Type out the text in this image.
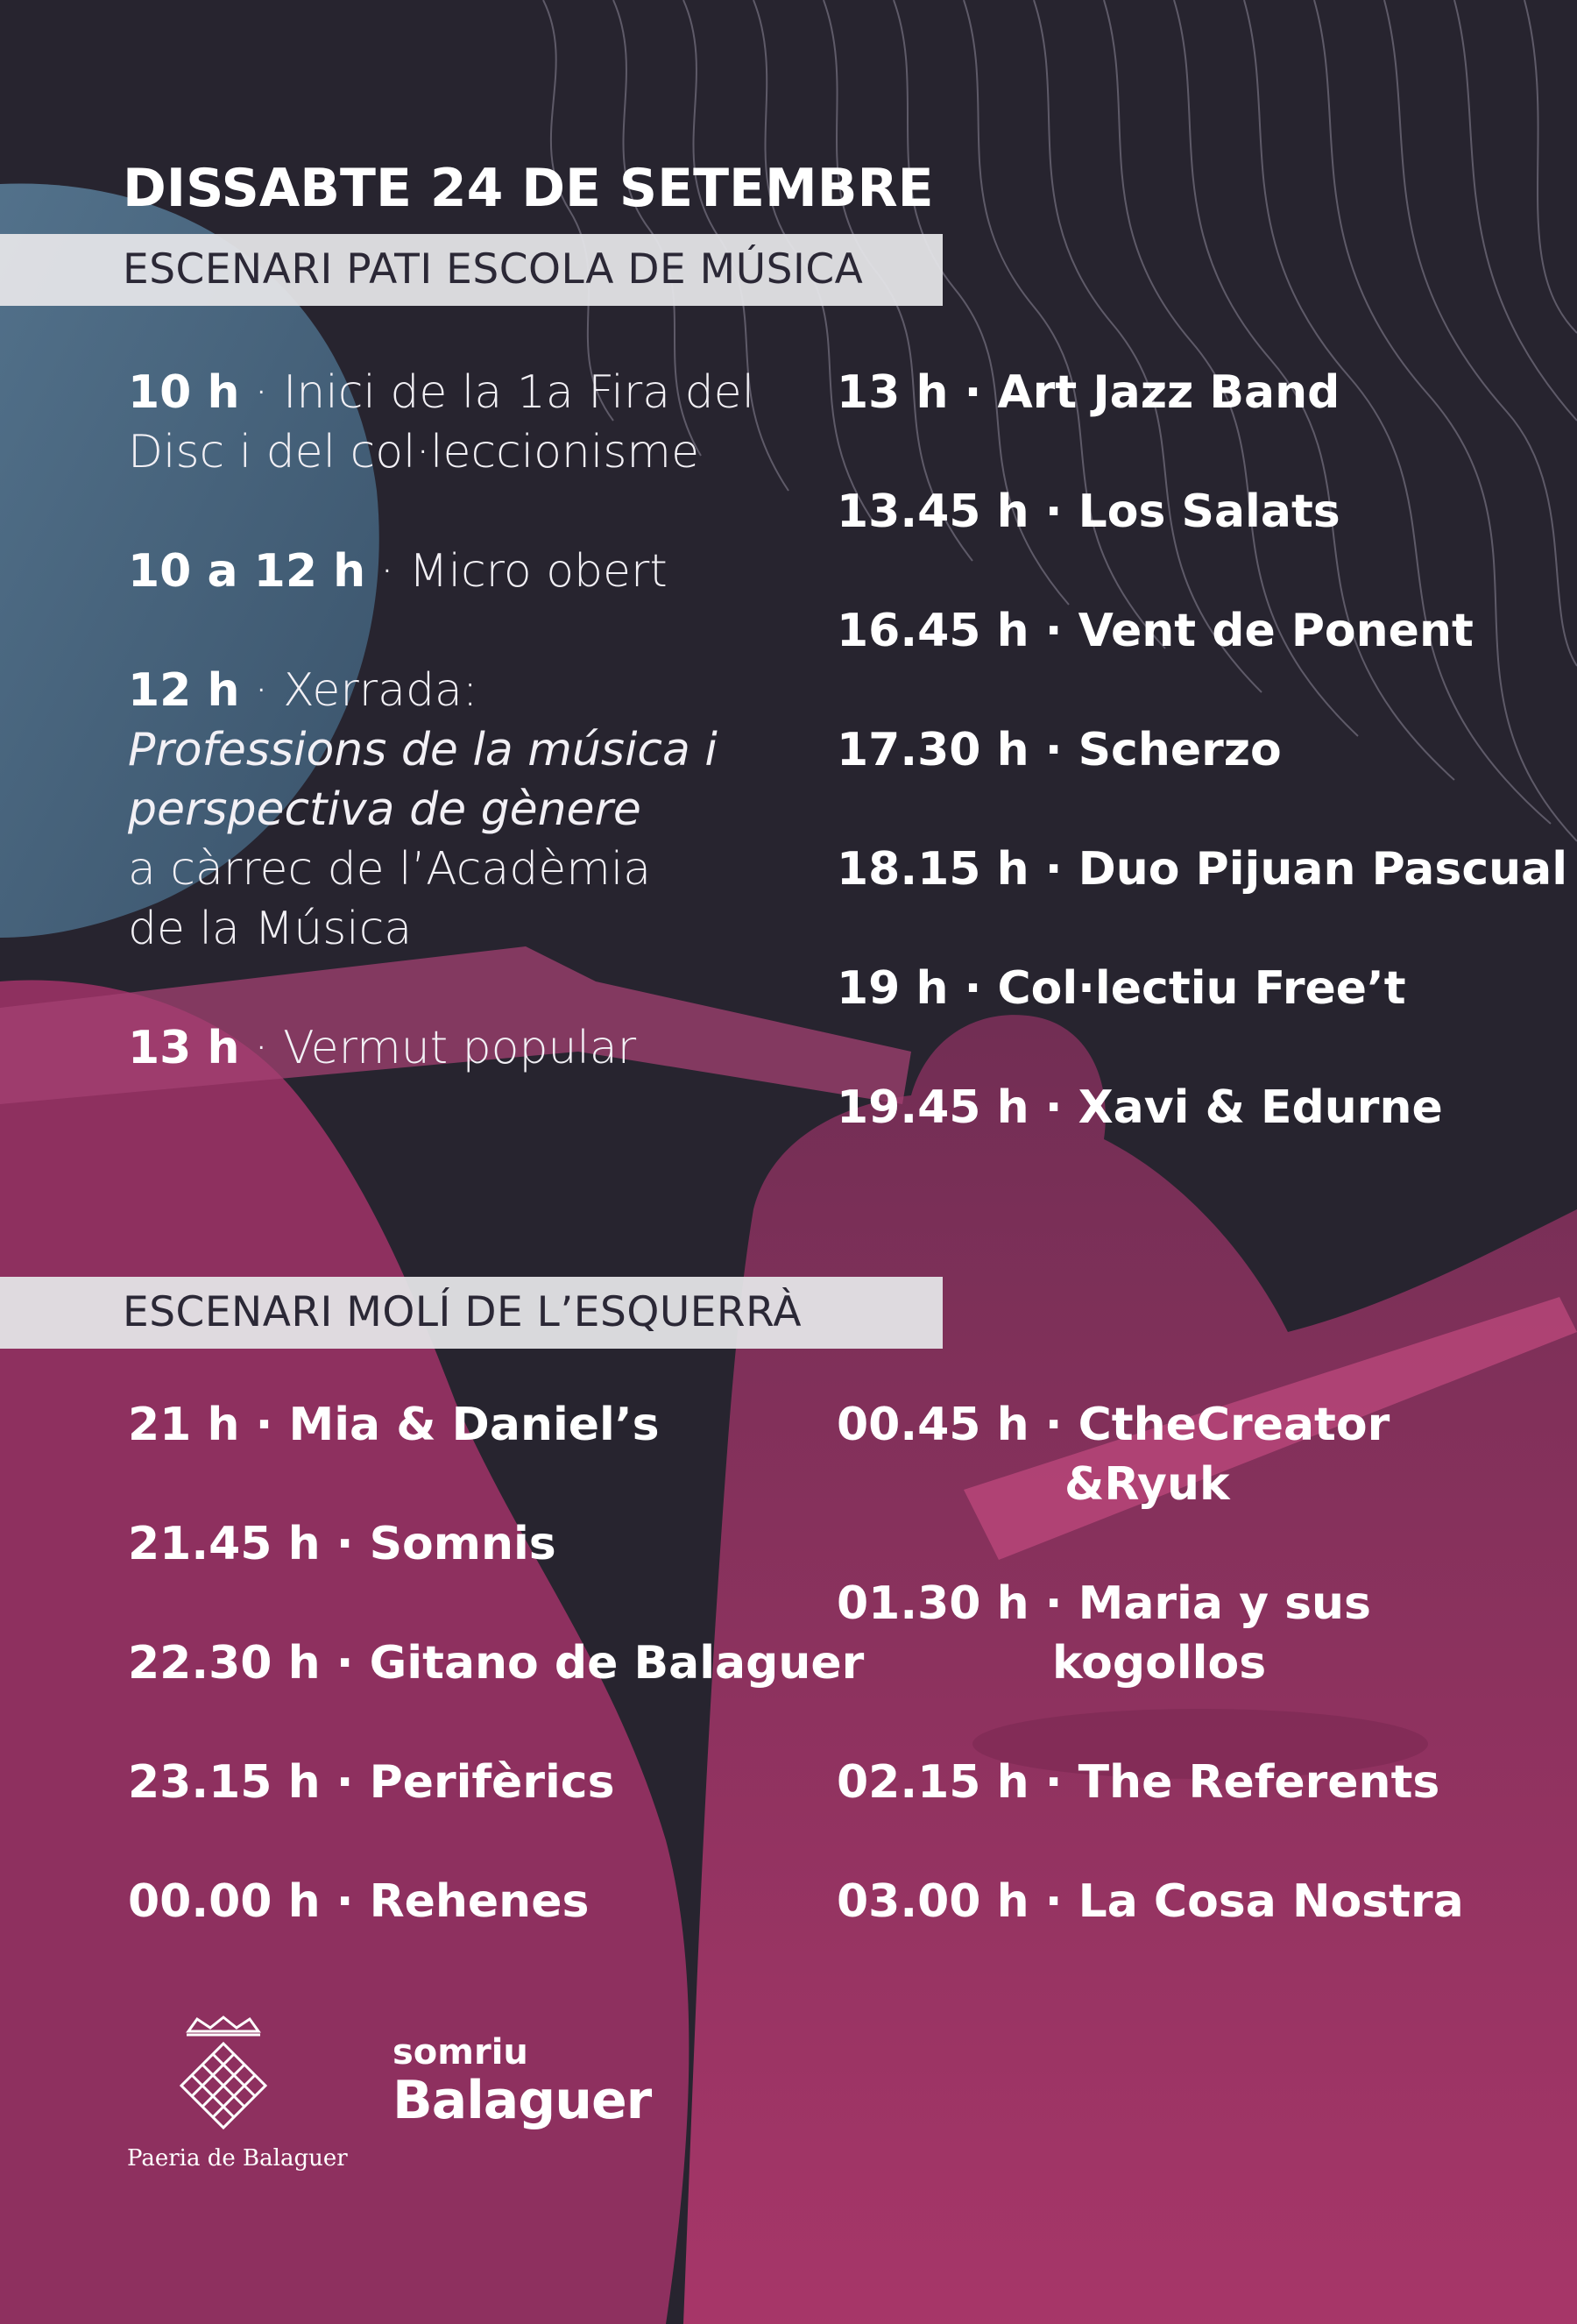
DISSABTE 24 DE SETEMBRE
ESCENARI PATI ESCOLA DE MÚSICA
10 h · Inici de la 1a Fira del
Disc i del col·leccionisme
10 a 12 h · Micro obert
12 h · Xerrada:
Professions de la música i
perspectiva de gènere
a càrrec de l’Acadèmia
de la Música
13 h · Vermut popular
13 h · Art Jazz Band
13.45 h · Los Salats
16.45 h · Vent de Ponent
17.30 h · Scherzo
18.15 h · Duo Pijuan Pascual
19 h · Col·lectiu Free’t
19.45 h · Xavi & Edurne
ESCENARI MOLÍ DE L’ESQUERRÀ
21 h · Mia & Daniel’s
21.45 h · Somnis
22.30 h · Gitano de Balaguer
23.15 h · Perifèrics
00.00 h · Rehenes
00.45 h · CtheCreator
&Ryuk
01.30 h · Maria y sus
kogollos
02.15 h · The Referents
03.00 h · La Cosa Nostra
Paeria de Balaguer
somriu
Balaguer
